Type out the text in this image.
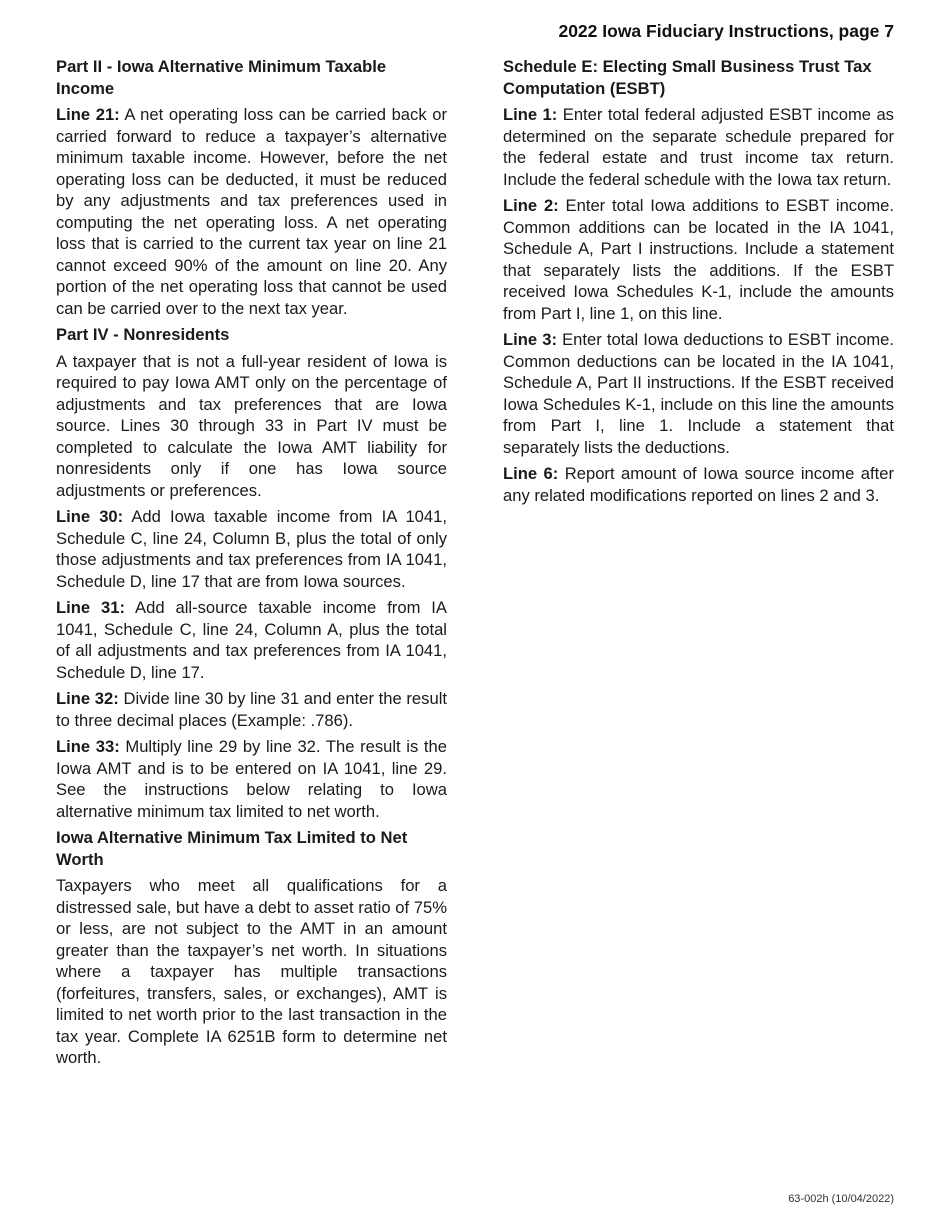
2022 Iowa Fiduciary Instructions, page 7
Part II - Iowa Alternative Minimum Taxable Income

Line 21: A net operating loss can be carried back or carried forward to reduce a taxpayer’s alternative minimum taxable income. However, before the net operating loss can be deducted, it must be reduced by any adjustments and tax preferences used in computing the net operating loss. A net operating loss that is carried to the current tax year on line 21 cannot exceed 90% of the amount on line 20. Any portion of the net operating loss that cannot be used can be carried over to the next tax year.

Part IV - Nonresidents

A taxpayer that is not a full-year resident of Iowa is required to pay Iowa AMT only on the percentage of adjustments and tax preferences that are Iowa source. Lines 30 through 33 in Part IV must be completed to calculate the Iowa AMT liability for nonresidents only if one has Iowa source adjustments or preferences.

Line 30: Add Iowa taxable income from IA 1041, Schedule C, line 24, Column B, plus the total of only those adjustments and tax preferences from IA 1041, Schedule D, line 17 that are from Iowa sources.

Line 31: Add all-source taxable income from IA 1041, Schedule C, line 24, Column A, plus the total of all adjustments and tax preferences from IA 1041, Schedule D, line 17.

Line 32: Divide line 30 by line 31 and enter the result to three decimal places (Example: .786).

Line 33: Multiply line 29 by line 32. The result is the Iowa AMT and is to be entered on IA 1041, line 29. See the instructions below relating to Iowa alternative minimum tax limited to net worth.

Iowa Alternative Minimum Tax Limited to Net Worth

Taxpayers who meet all qualifications for a distressed sale, but have a debt to asset ratio of 75% or less, are not subject to the AMT in an amount greater than the taxpayer’s net worth. In situations where a taxpayer has multiple transactions (forfeitures, transfers, sales, or exchanges), AMT is limited to net worth prior to the last transaction in the tax year. Complete IA 6251B form to determine net worth.

Schedule E: Electing Small Business Trust Tax Computation (ESBT)

Line 1: Enter total federal adjusted ESBT income as determined on the separate schedule prepared for the federal estate and trust income tax return. Include the federal schedule with the Iowa tax return.

Line 2: Enter total Iowa additions to ESBT income. Common additions can be located in the IA 1041, Schedule A, Part I instructions. Include a statement that separately lists the additions. If the ESBT received Iowa Schedules K-1, include the amounts from Part I, line 1, on this line.

Line 3: Enter total Iowa deductions to ESBT income. Common deductions can be located in the IA 1041, Schedule A, Part II instructions. If the ESBT received Iowa Schedules K-1, include on this line the amounts from Part I, line 1. Include a statement that separately lists the deductions.

Line 6: Report amount of Iowa source income after any related modifications reported on lines 2 and 3.

63-002h (10/04/2022)
